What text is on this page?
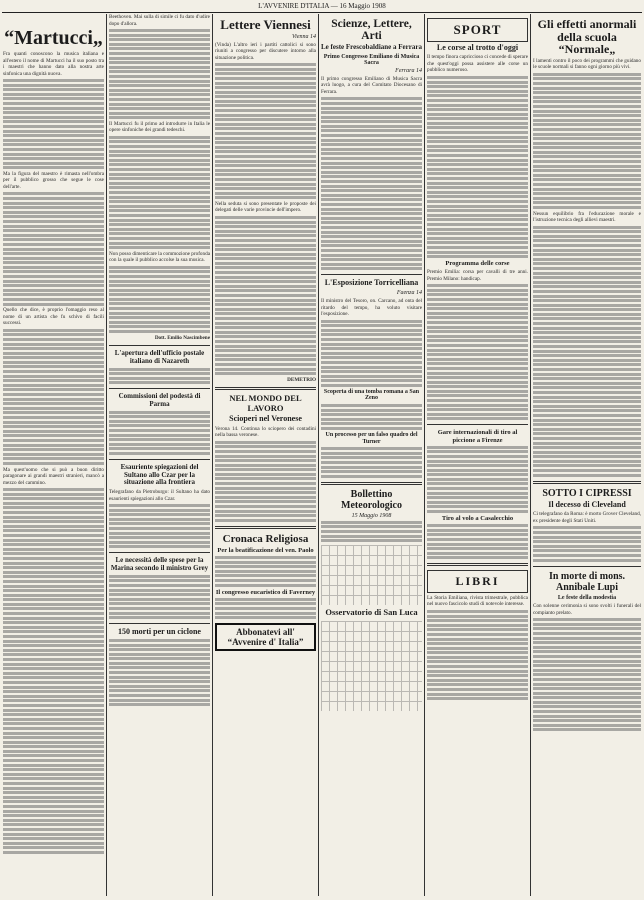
L'AVVENIRE D'ITALIA — 16 Maggio 1908
“Martucci„
Fra quanti conoscono la musica italiana e all'estero il nome di Martucci ha il suo posto tra i maestri che hanno dato alla nostra arte sinfonica una dignità nuova.
Ma la figura del maestro è rimasta nell'ombra per il pubblico grosso che segue le cose dell'arte.
Quello che dice, è proprio l'omaggio reso al nome di un artista che fu schivo di facili successi.
Ma quest'uomo che si può a buon diritto paragonare ai grandi maestri stranieri, mancò a mezzo del cammino.
Beethoven. Mai sulla di simile ci fu dato d'udire dopo d'allora.
Il Martucci fu il primo ad introdurre in Italia le opere sinfoniche dei grandi tedeschi.
Non posso dimenticare la commozione profonda con la quale il pubblico accolse la sua musica.
Dott. Emilio Nascimbene
L'apertura dell'ufficio postale italiano di Nazareth
Commissioni del podestà di Parma
Esauriente spiegazioni del Sultano allo Czar per la situazione alla frontiera
Telegrafano da Pietroburgo: il Sultano ha dato esaurienti spiegazioni allo Czar.
Le necessità delle spese per la Marina secondo il ministro Grey
150 morti per un ciclone
Lettere Viennesi
Vienna 14
(Vinda) L'altro ieri i partiti cattolici si sono riuniti a congresso per discutere intorno alla situazione politica.
Nella seduta si sono presentate le proposte dei delegati delle varie provincie dell'impero.
DEMETRIO
NEL MONDO DEL LAVORO
Scioperi nel Veronese
Verona 14. Continua lo sciopero dei contadini nella bassa veronese.
Cronaca Religiosa
Per la beatificazione del ven. Paolo
Il congresso eucaristico di Faverney
Abbonatevi all' “Avvenire d' Italia”
Scienze, Lettere, Arti
Le feste Frescobaldiane a Ferrara
Primo Congresso Emiliano di Musica Sacra
Ferrara 14
Il primo congresso Emiliano di Musica Sacra avrà luogo, a cura del Comitato Diocesano di Ferrara.
L'Esposizione Torricelliana
Faenza 14
Il ministro del Tesoro, on. Carcano, ad onta del ritardo del tempo, ha voluto visitare l'esposizione.
Scoperta di una tomba romana a San Zeno
Un processo per un falso quadro del Turner
Bollettino Meteorologico
15 Maggio 1908
Osservatorio di San Luca
SPORT
Le corse al trotto d'oggi
Il tempo finora capriccioso ci concede di sperare che quest'oggi possa assistere alle corse un pubblico numeroso.
Programma delle corse
Premio Emilia: corsa per cavalli di tre anni. Premio Milano: handicap.
Gare internazionali di tiro al piccione a Firenze
Tiro al volo a Casalecchio
LIBRI
La Storia Emiliana, rivista trimestrale, pubblica nel nuovo fascicolo studi di notevole interesse.
Gli effetti anormali della scuola “Normale„
I lamenti contro il poco dei programmi che guidano le scuole normali si fanno ogni giorno più vivi.
Nessun equilibrio fra l'educazione morale e l'istruzione tecnica degli allievi maestri.
SOTTO I CIPRESSI
Il decesso di Cleveland
Ci telegrafano da Roma: è morto Grover Cleveland, ex presidente degli Stati Uniti.
In morte di mons. Annibale Lupi
Le feste della modestia
Con solenne cerimonia si sono svolti i funerali del compianto prelato.
